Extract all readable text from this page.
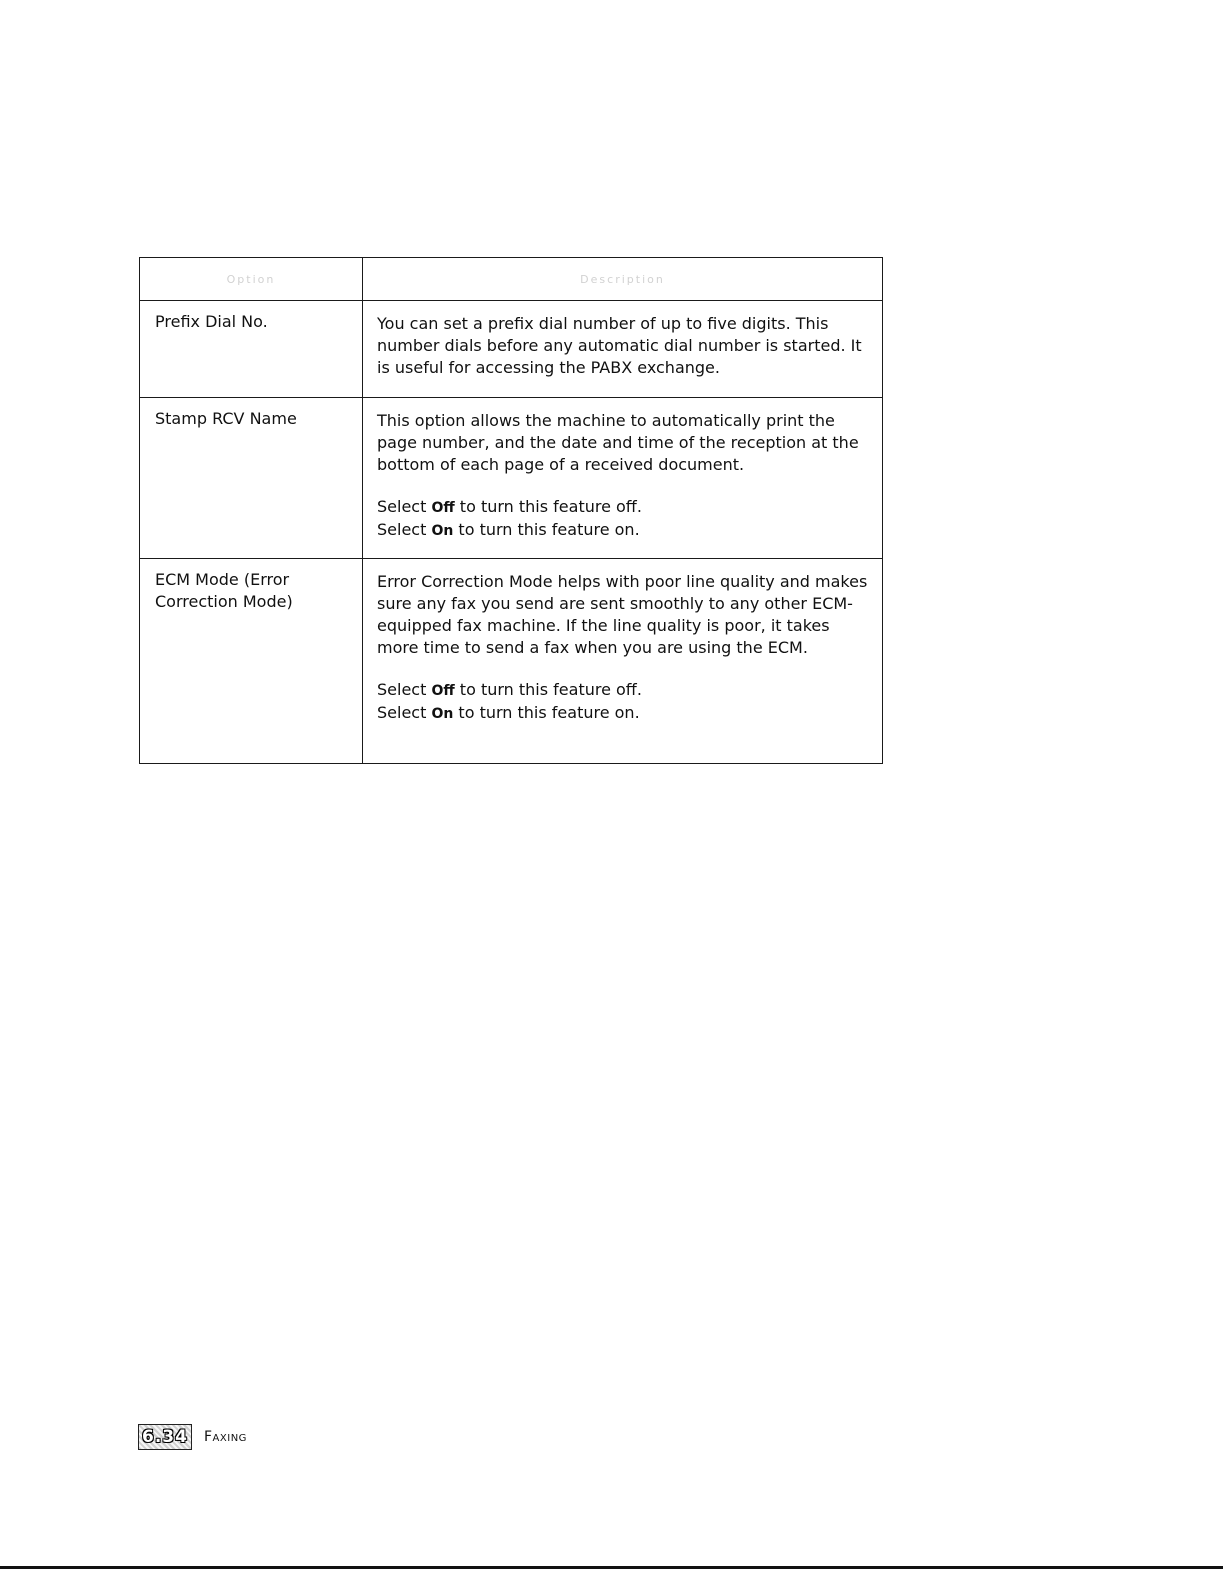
Option	Description
Prefix Dial No.	You can set a prefix dial number of up to five digits. This number dials before any automatic dial number is started. It is useful for accessing the PABX exchange.

Stamp RCV Name	This option allows the machine to automatically print the page number, and the date and time of the reception at the bottom of each page of a received document.
Select Off to turn this feature off.
Select On to turn this feature on.

ECM Mode (Error Correction Mode)	Error Correction Mode helps with poor line quality and makes sure any fax you send are sent smoothly to any other ECM-equipped fax machine. If the line quality is poor, it takes more time to send a fax when you are using the ECM.
Select Off to turn this feature off.
Select On to turn this feature on.
6.34 Faxing
